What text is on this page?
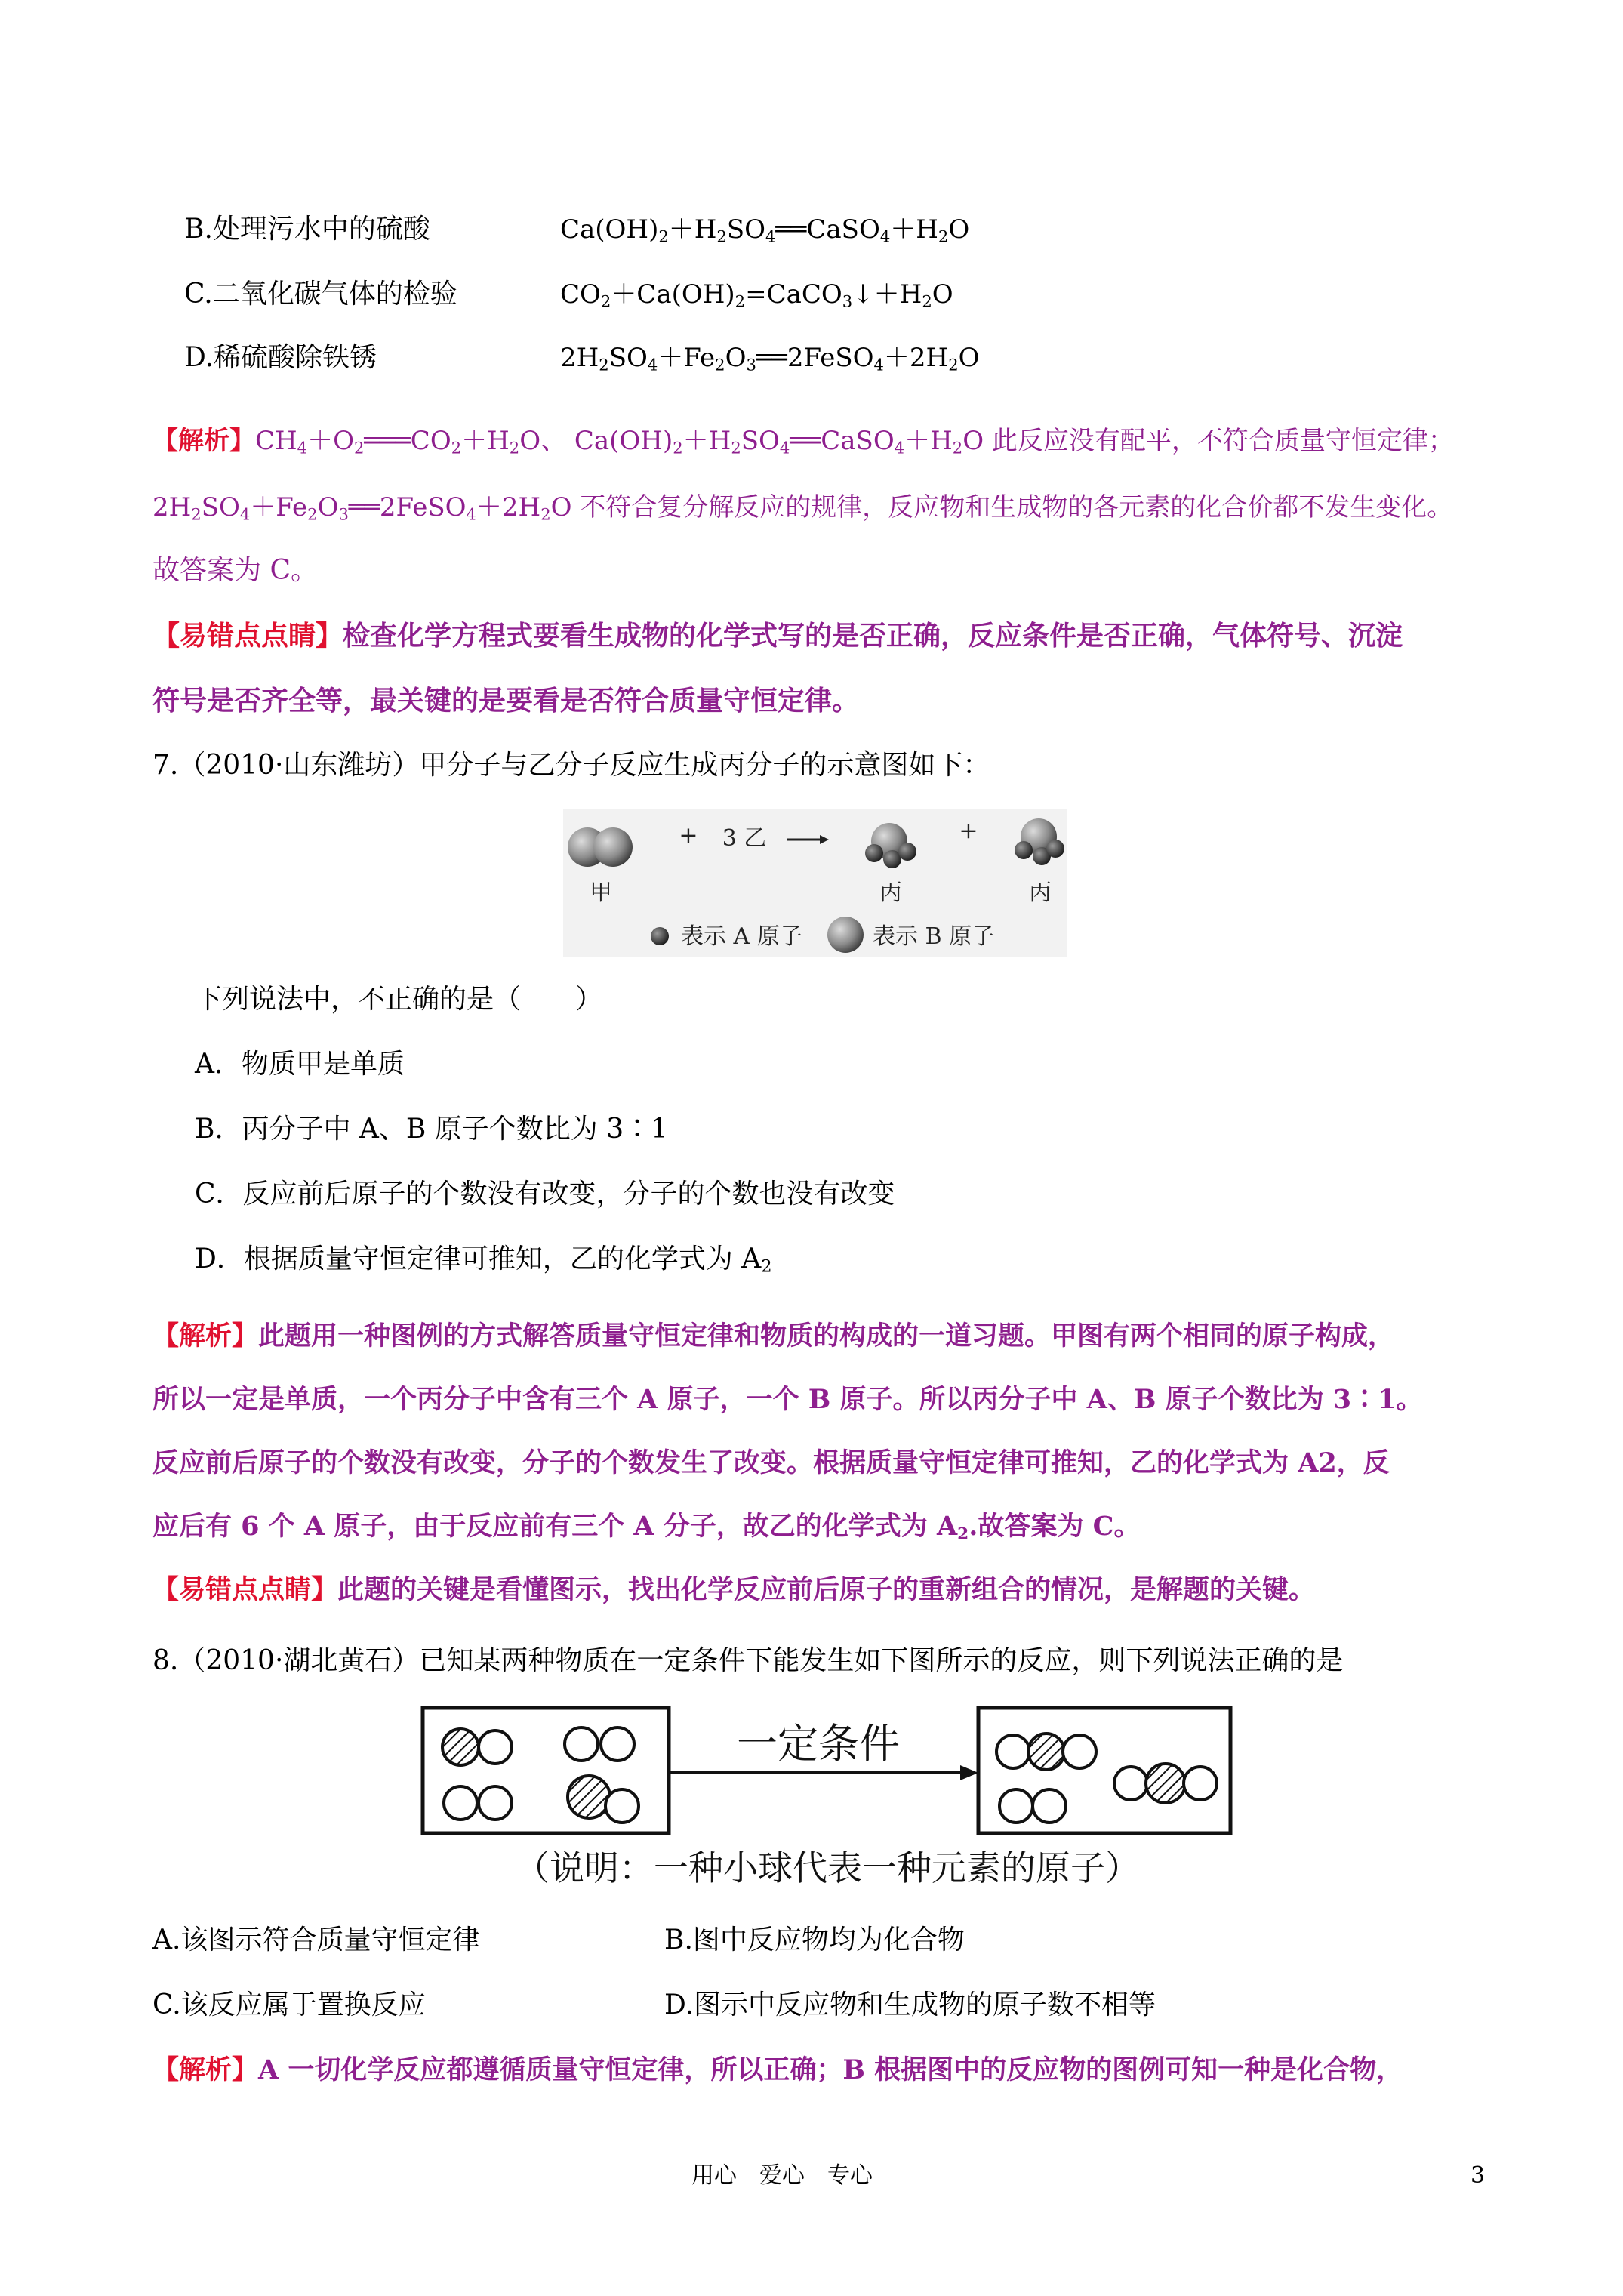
B.处理污水中的硫酸	$Ca(OH)_2+H_2SO_4══CaSO_4+H_2O$
C.二氧化碳气体的检验	$CO_2+Ca(OH)_2=CaCO_3↓+H_2O$
D.稀硫酸除铁锈	$2H_2SO_4+Fe_2O_3══2FeSO_4+2H_2O$
【解析】$CH_4+O_2═══CO_2+H_2O$、 $Ca(OH)_2+H_2SO_4══CaSO_4+H_2O$ 此反应没有配平，不符合质量守恒定律；
$2H_2SO_4+Fe_2O_3══2FeSO_4+2H_2O$ 不符合复分解反应的规律，反应物和生成物的各元素的化合价都不发生变化。
故答案为 C。
【易错点点睛】检查化学方程式要看生成物的化学式写的是否正确，反应条件是否正确，气体符号、沉淀
符号是否齐全等，最关键的是要看是否符合质量守恒定律。
7.（2010·山东潍坊）甲分子与乙分子反应生成丙分子的示意图如下：
甲
+ 3 乙
丙
+
丙
表示 A 原子	表示 B 原子
下列说法中，不正确的是（　　）
A．物质甲是单质
B．丙分子中 A、B 原子个数比为 3∶1
C．反应前后原子的个数没有改变，分子的个数也没有改变
D．根据质量守恒定律可推知，乙的化学式为 $A_2$
【解析】此题用一种图例的方式解答质量守恒定律和物质的构成的一道习题。甲图有两个相同的原子构成，
所以一定是单质，一个丙分子中含有三个 A 原子，一个 B 原子。所以丙分子中 A、B 原子个数比为 3∶1。
反应前后原子的个数没有改变，分子的个数发生了改变。根据质量守恒定律可推知，乙的化学式为 A2，反
应后有 6 个 A 原子，由于反应前有三个 A 分子，故乙的化学式为 $A_2$.故答案为 C。
【易错点点睛】此题的关键是看懂图示，找出化学反应前后原子的重新组合的情况，是解题的关键。
8.（2010·湖北黄石）已知某两种物质在一定条件下能发生如下图所示的反应，则下列说法正确的是
一定条件
（说明：一种小球代表一种元素的原子）
A.该图示符合质量守恒定律	B.图中反应物均为化合物
C.该反应属于置换反应	D.图示中反应物和生成物的原子数不相等
【解析】A 一切化学反应都遵循质量守恒定律，所以正确；B 根据图中的反应物的图例可知一种是化合物，
用心　爱心　专心	3
